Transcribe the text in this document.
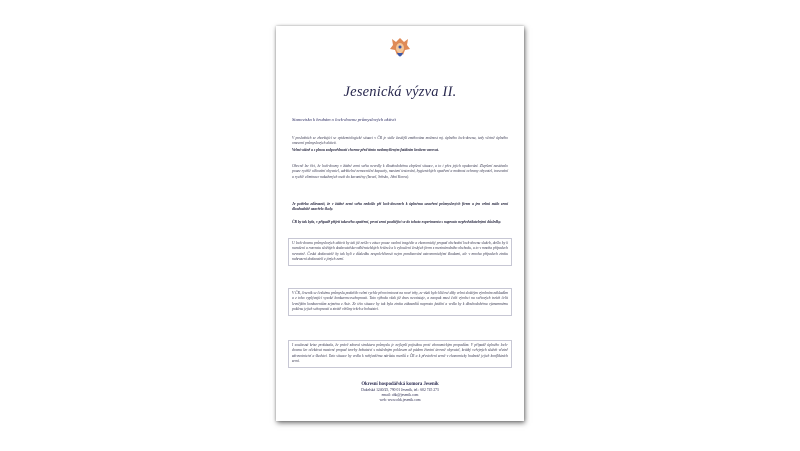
Jesenická výzva II.
Stanovisko k hrubám o lock-downu průmyslových aktivit

V posledních se zhoršující se epidemiologické situaci v ČR je stále častější zmiňována možnost mj. úplného lock-downu, tedy včetně úplného omezení průmyslových aktivit.

Velmi vážně a s plnou zodpovědností chceme před tímto nedomyšleným fatálním krokem varovat.

Obecně lze říci, že lock-downy v žádné zemi světa nevedly k dlouhodobému zlepšení situace, a to i přes jejich opakování. Zlepšení nastávalo pouze rychlé očkování obyvatel, udržitelné nemocniční kapacity, masivní testování, hygienických opatření a možnost ochrany obyvatel, trasování a rychlé eliminace nakažených osob do karantény (Izrael, Srbsko, Jižní Korea).

Je potřeba zdůraznit, že v žádné zemi světa nedošlo při lock-downech k úplnému uzavření průmyslových firem a jen velmi málo zemí dlouhodobě uzavřelo školy.

ČR by tak byla, v případě přijetí takového opatření, první zemí pouštějící se do tohoto experimentu s naprosto nepředvídatelnými důsledky.

U lock-downu průmyslových aktivit by tak již nešlo v zásce pouze osobní tragédie a ekonomický propad obchodní lock-downu služeb, došlo by k narušení a rozvratu složitých dodavatelsko-odběratelských řetězců a k vyloučení českých firem z mezinárodního obchodu, a to v mnoha případech nevratně. Česká dodavatelé by tak byli z důsledku nespolehlivosti nejen pondizování astronomickými škodami, ale v mnoha případech ztrátu nahrazení dodavateli z jiných zemí.

V ČR, Jeseník se českému průmyslu podařilo velmi rychle přeorientovat na nové trhy, ze však bylo klíčové díky velmi složitým výrobním nákladům a z toho vyplývající vysoké konkurenceschopnosti. Tato výhoda však již dnes neexistuje, a naopak musí čelit výrobci na světových trzích čelit levnějším konkurentům zejména z Asie. Ze této situace by tak byla ztráta zákazníků naprosto fatální a vedla by k dlouhodobému významnému poklesu jejich schopností a ztrátě většiny tržeb a bohatství.

I současná krize prokázala, že právě zdravá struktura průmyslu je nejlepší pojistkou proti ekonomickým propadům. V případě úplného lock-downu lze očekávat masivní propad tvorby bohatství s následným poklesem až pádem životní úrovně obyvatel, krátký veřejných služeb včetně zdravotnictví a školství. Tato situace by vedla k nebývalému nárůstu mezilů z ČR a k přestoření země v ekonomicky hodnotě jejich konfliktních zemí.

Okresní hospodářská komora Jeseník
Dukelská 1240/25, 790 01 Jeseník, tel.: 602 745 273
email: ohk@jesenik.com
web: www.ohk.jesenik.com
